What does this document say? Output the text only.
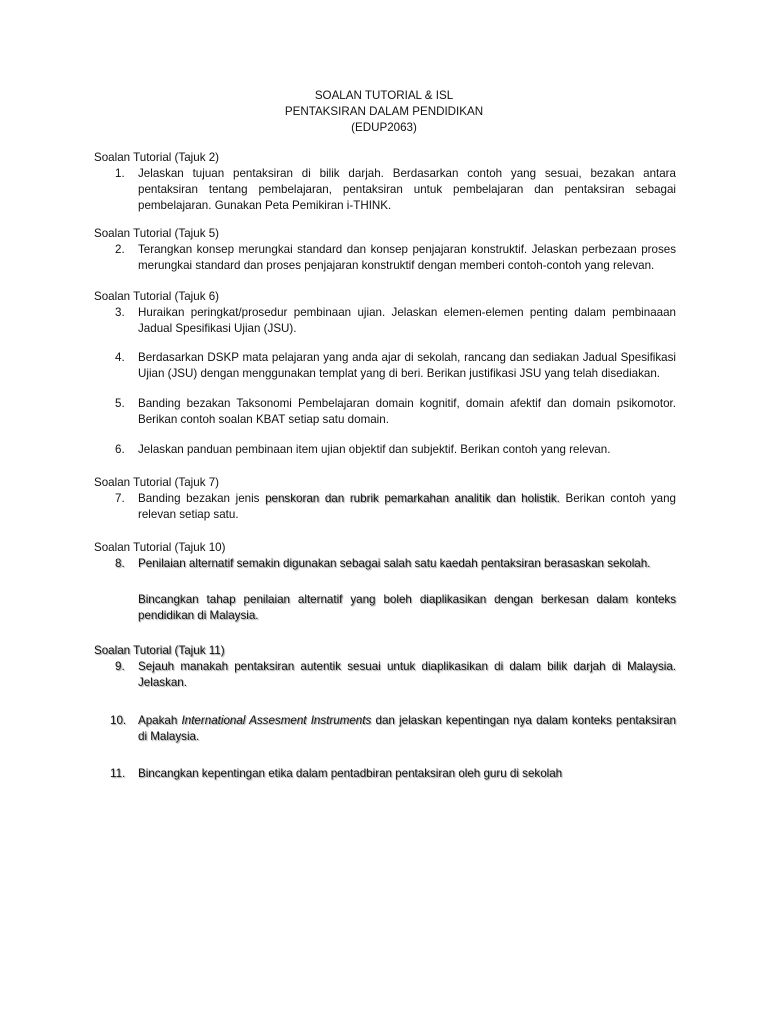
SOALAN TUTORIAL & ISL
PENTAKSIRAN DALAM PENDIDIKAN
(EDUP2063)
Soalan Tutorial (Tajuk 2)
1.	Jelaskan tujuan pentaksiran di bilik darjah. Berdasarkan contoh yang sesuai, bezakan antara pentaksiran tentang pembelajaran, pentaksiran untuk pembelajaran dan pentaksiran sebagai pembelajaran. Gunakan Peta Pemikiran i-THINK.
Soalan Tutorial (Tajuk 5)
2.	Terangkan konsep merungkai standard dan konsep penjajaran konstruktif. Jelaskan perbezaan proses merungkai standard dan proses penjajaran konstruktif dengan memberi contoh-contoh yang relevan.
Soalan Tutorial (Tajuk 6)
3.	Huraikan peringkat/prosedur pembinaan ujian. Jelaskan elemen-elemen penting dalam pembinaaan Jadual Spesifikasi Ujian (JSU).
4.	Berdasarkan DSKP mata pelajaran yang anda ajar di sekolah, rancang dan sediakan Jadual Spesifikasi Ujian (JSU) dengan menggunakan templat yang di beri. Berikan justifikasi JSU yang telah disediakan.
5.	Banding bezakan Taksonomi Pembelajaran domain kognitif, domain afektif dan domain psikomotor. Berikan contoh soalan KBAT setiap satu domain.
6.	Jelaskan panduan pembinaan item ujian objektif dan subjektif. Berikan contoh yang relevan.
Soalan Tutorial (Tajuk 7)
7.	Banding bezakan jenis penskoran dan rubrik pemarkahan analitik dan holistik. Berikan contoh yang relevan setiap satu.
Soalan Tutorial (Tajuk 10)
8.	Penilaian alternatif semakin digunakan sebagai salah satu kaedah pentaksiran berasaskan sekolah.
Bincangkan tahap penilaian alternatif yang boleh diaplikasikan dengan berkesan dalam konteks pendidikan di Malaysia.
Soalan Tutorial (Tajuk 11)
9.	Sejauh manakah pentaksiran autentik sesuai untuk diaplikasikan di dalam bilik darjah di Malaysia. Jelaskan.
10.	Apakah International Assesment Instruments dan jelaskan kepentingan nya dalam konteks pentaksiran di Malaysia.
11.	Bincangkan kepentingan etika dalam pentadbiran pentaksiran oleh guru di sekolah
